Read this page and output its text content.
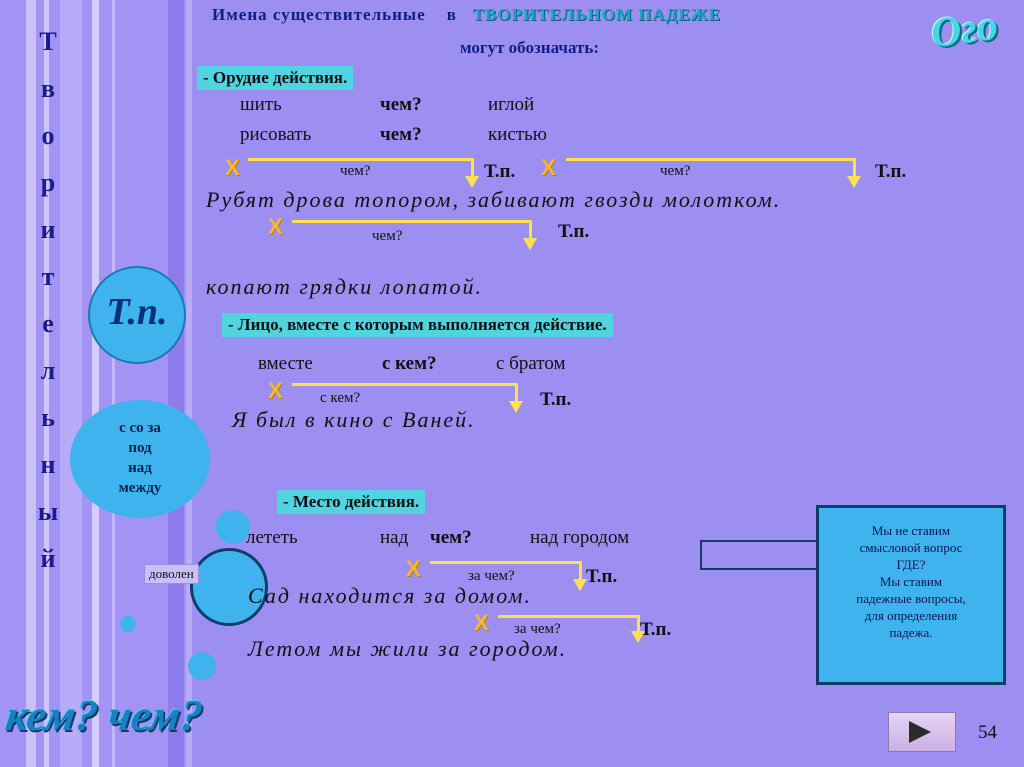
Т
в
о
р
и
т
е
л
ь
н
ы
й
кем? чем?
Т.п.
с со за
под
над
между
доволен
Имена существительные в ТВОРИТЕЛЬНОМ ПАДЕЖЕ
могут обозначать:	Ого
- Орудие действия.
шить	чем?	иглой
рисовать	чем?	кистью
X	чем?	Т.п. X	чем?	Т.п.
Рубят дрова топором, забивают гвозди молотком.
X	чем?	Т.п.
копают грядки лопатой.
- Лицо, вместе с которым выполняется действие.
вместе	с кем?	с братом
X с кем?	Т.п.
Я был в кино с Ваней.
- Место действия.
лететь	над чем?	над городом
X	за чем?	Т.п.
Сад находится за домом.
X за чем?	Т.п.
Летом мы жили за городом.
Мы не ставим
смысловой вопрос
ГДЕ?
Мы ставим
падежные вопросы,
для определения
падежа.
54
